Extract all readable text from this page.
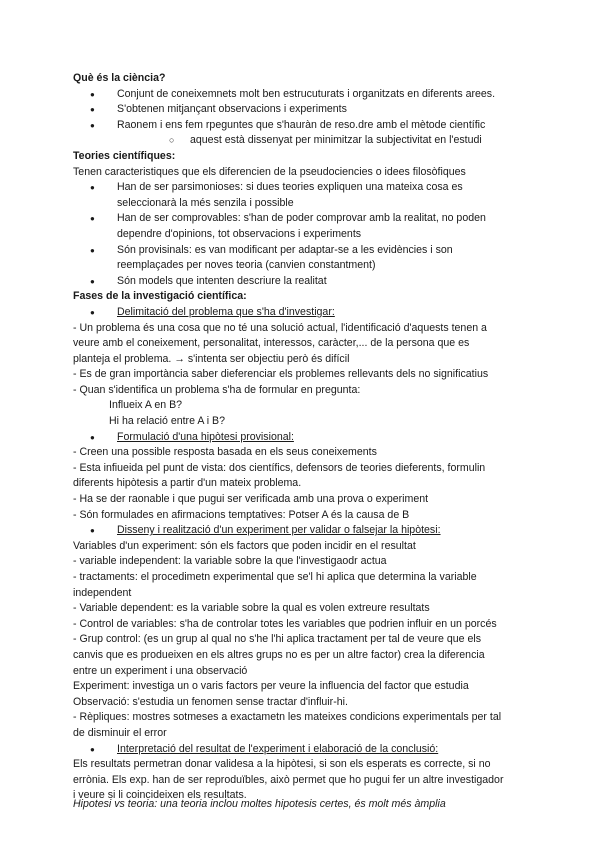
Què és la ciència?
● Conjunt de coneixemnets molt ben estrucuturats i organitzats en diferents arees.
● S'obtenen mitjançant observacions i experiments
● Raonem i ens fem rpeguntes que s'hauràn de reso.dre amb el mètode científic
○ aquest està dissenyat per minimitzar la subjectivitat en l'estudi
Teories científiques:
Tenen caracteristiques que els diferencien de la pseudociencies o idees filosòfiques
● Han de ser parsimonioses: si dues teories expliquen una mateixa cosa es
seleccionarà la més senzila i possible
● Han de ser comprovables: s'han de poder comprovar amb la realitat, no poden
dependre d'opinions, tot observacions i experiments
● Són provisinals: es van modificant per adaptar-se a les evidències i son
reemplaçades per noves teoria (canvien constantment)
● Són models que intenten descriure la realitat
Fases de la investigació científica:
● Delimitació del problema que s'ha d'investigar:
- Un problema és una cosa que no té una solució actual, l'identificació d'aquests tenen a
veure amb el coneixement, personalitat, interessos, caràcter,... de la persona que es
planteja el problema. → s'intenta ser objectiu però és difícil
- Es de gran importància saber dieferenciar els problemes rellevants dels no significatius
- Quan s'identifica un problema s'ha de formular en pregunta:
Influeix A en B?
Hi ha relació entre A i B?
● Formulació d'una hipòtesi provisional:
- Creen una possible resposta basada en els seus coneixements
- Esta infiueida pel punt de vista: dos científics, defensors de teories dieferents, formulin
diferents hipòtesis a partir d'un mateix problema.
- Ha se der raonable i que pugui ser verificada amb una prova o experiment
- Són formulades en afirmacions temptatives: Potser A és la causa de B
● Disseny i realització d'un experiment per validar o falsejar la hipòtesi:
Variables d'un experiment: són els factors que poden incidir en el resultat
- variable independent: la variable sobre la que l'investigaodr actua
- tractaments: el procedimetn experimental que se'l hi aplica que determina la variable
independent
- Variable dependent: es la variable sobre la qual es volen extreure resultats
- Control de variables: s'ha de controlar totes les variables que podrien influir en un porcés
- Grup control: (es un grup al qual no s'he l'hi aplica tractament per tal de veure que els
canvis que es produeixen en els altres grups no es per un altre factor) crea la diferencia
entre un experiment i una observació
Experiment: investiga un o varis factors per veure la influencia del factor que estudia
Observació: s'estudia un fenomen sense tractar d'influir-hi.
- Rèpliques: mostres sotmeses a exactametn les mateixes condicions experimentals per tal
de disminuir el error
● Interpretació del resultat de l'experiment i elaboració de la conclusió:
Els resultats permetran donar validesa a la hipòtesi, si son els esperats es correcte, si no
errònia. Els exp. han de ser reproduïbles, això permet que ho pugui fer un altre investigador
i veure si li coincideixen els resultats.
Hipotesi vs teoria: una teoria inclou moltes hipotesis certes, és molt més àmplia
